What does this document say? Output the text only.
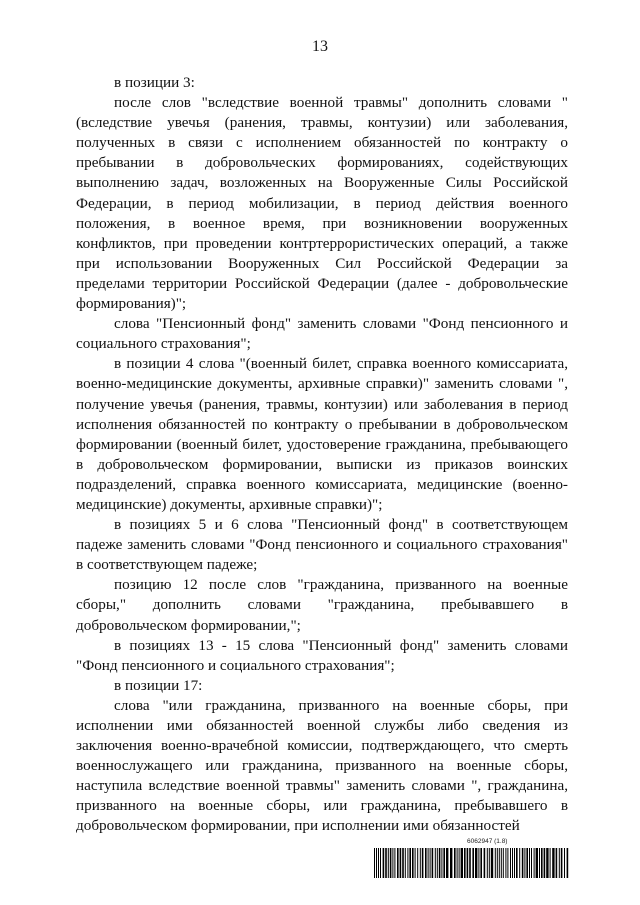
13

в позиции 3:

после слов "вследствие военной травмы" дополнить словами "(вследствие увечья (ранения, травмы, контузии) или заболевания, полученных в связи с исполнением обязанностей по контракту о пребывании в добровольческих формированиях, содействующих выполнению задач, возложенных на Вооруженные Силы Российской Федерации, в период мобилизации, в период действия военного положения, в военное время, при возникновении вооруженных конфликтов, при проведении контртеррористических операций, а также при использовании Вооруженных Сил Российской Федерации за пределами территории Российской Федерации (далее - добровольческие формирования)";

слова "Пенсионный фонд" заменить словами "Фонд пенсионного и социального страхования";

в позиции 4 слова "(военный билет, справка военного комиссариата, военно-медицинские документы, архивные справки)" заменить словами ", получение увечья (ранения, травмы, контузии) или заболевания в период исполнения обязанностей по контракту о пребывании в добровольческом формировании (военный билет, удостоверение гражданина, пребывающего в добровольческом формировании, выписки из приказов воинских подразделений, справка военного комиссариата, медицинские (военно-медицинские) документы, архивные справки)";

в позициях 5 и 6 слова "Пенсионный фонд" в соответствующем падеже заменить словами "Фонд пенсионного и социального страхования" в соответствующем падеже;

позицию 12 после слов "гражданина, призванного на военные сборы," дополнить словами "гражданина, пребывавшего в добровольческом формировании,";

в позициях 13 - 15 слова "Пенсионный фонд" заменить словами "Фонд пенсионного и социального страхования";

в позиции 17:

слова "или гражданина, призванного на военные сборы, при исполнении ими обязанностей военной службы либо сведения из заключения военно-врачебной комиссии, подтверждающего, что смерть военнослужащего или гражданина, призванного на военные сборы, наступила вследствие военной травмы" заменить словами ", гражданина, призванного на военные сборы, или гражданина, пребывавшего в добровольческом формировании, при исполнении ими обязанностей

6062947 (1.8)
